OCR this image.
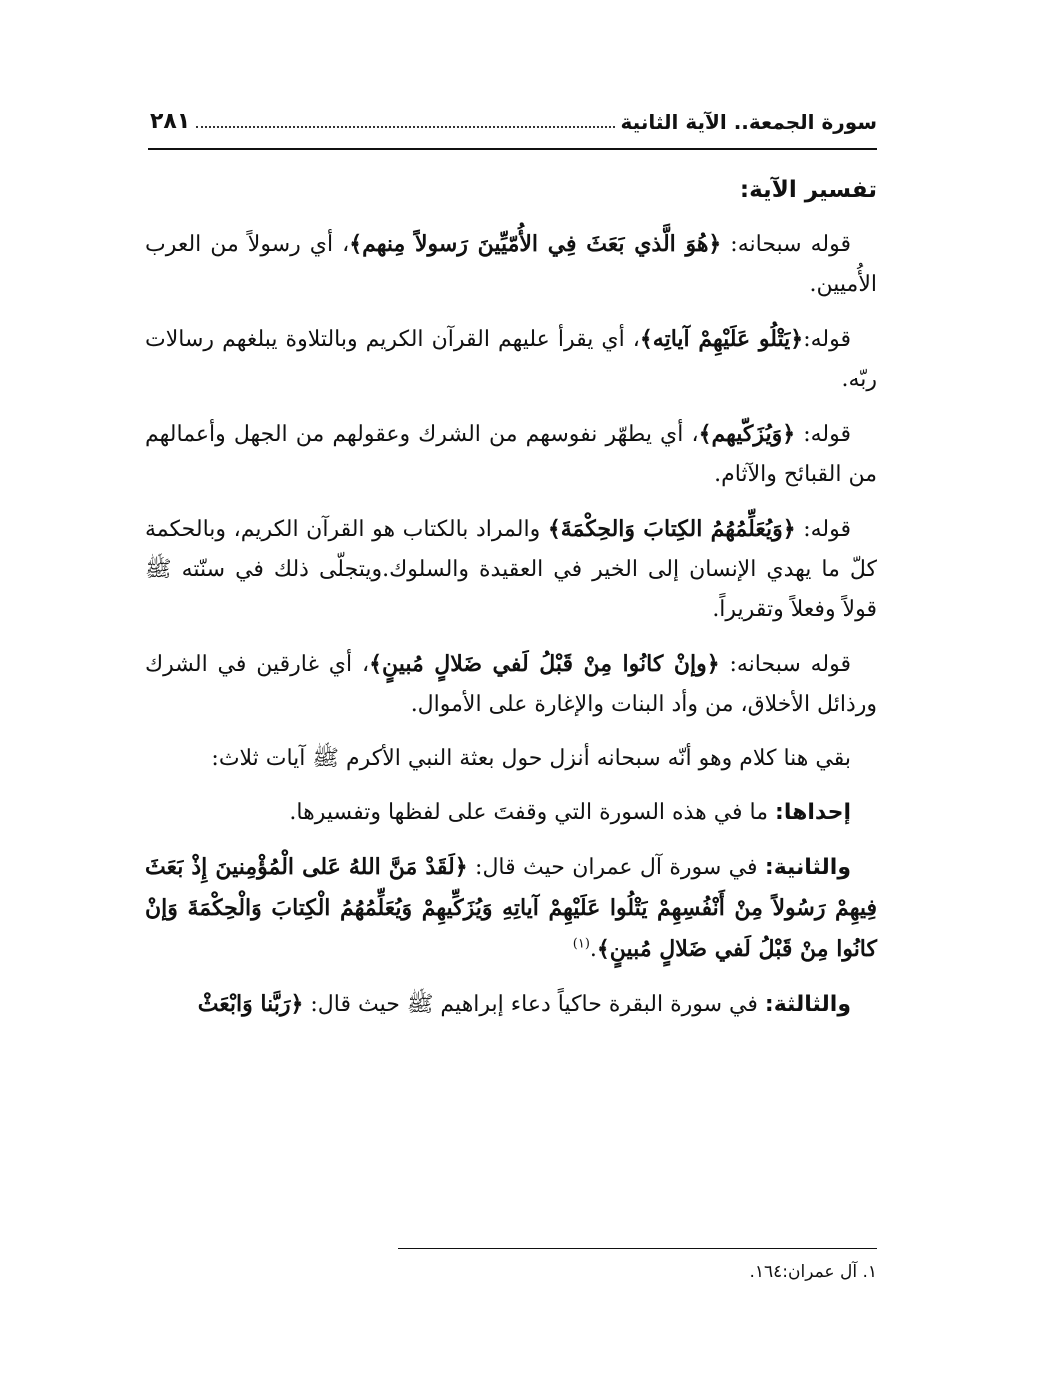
سورة الجمعة.. الآية الثانية
٢٨١
تفسير الآية:

قوله سبحانه: ﴿هُوَ الَّذي بَعَثَ فِي الأُمّيِّينَ رَسولاً مِنهم﴾، أي رسولاً من العرب الأُميين.

قوله:﴿يَتْلُو عَلَيْهِمْ آياتِه﴾، أي يقرأ عليهم القرآن الكريم وبالتلاوة يبلغهم رسالات ربّه.

قوله: ﴿وَيُزَكّيهم﴾، أي يطهّر نفوسهم من الشرك وعقولهم من الجهل وأعمالهم من القبائح والآثام.

قوله: ﴿وَيُعَلِّمُهُمُ الكِتابَ وَالحِكْمَةَ﴾ والمراد بالكتاب هو القرآن الكريم، وبالحكمة كلّ ما يهدي الإنسان إلى الخير في العقيدة والسلوك.ويتجلّى ذلك في سنّته ﷺ قولاً وفعلاً وتقريراً.

قوله سبحانه: ﴿وإنْ كانُوا مِنْ قَبْلُ لَفي ضَلالٍ مُبينٍ﴾، أي غارقين في الشرك ورذائل الأخلاق، من وأد البنات والإغارة على الأموال.

بقي هنا كلام وهو أنّه سبحانه أنزل حول بعثة النبي الأكرم ﷺ آيات ثلاث:

إحداها: ما في هذه السورة التي وقفتَ على لفظها وتفسيرها.

والثانية: في سورة آل عمران حيث قال: ﴿لَقَدْ مَنَّ اللهُ عَلى الْمُؤْمِنينَ إِذْ بَعَثَ فِيهِمْ رَسُولاً مِنْ أَنْفُسِهِمْ يَتْلُوا عَلَيْهِمْ آياتِهِ وَيُزَكِّيهِمْ وَيُعَلِّمُهُمُ الْكِتابَ وَالْحِكْمَةَ وَإنْ كانُوا مِنْ قَبْلُ لَفي ضَلالٍ مُبينٍ﴾.$^{(١)}$

والثالثة: في سورة البقرة حاكياً دعاء إبراهيم ﷺ حيث قال: ﴿رَبَّنا وَابْعَثْ

١. آل عمران:١٦٤.
